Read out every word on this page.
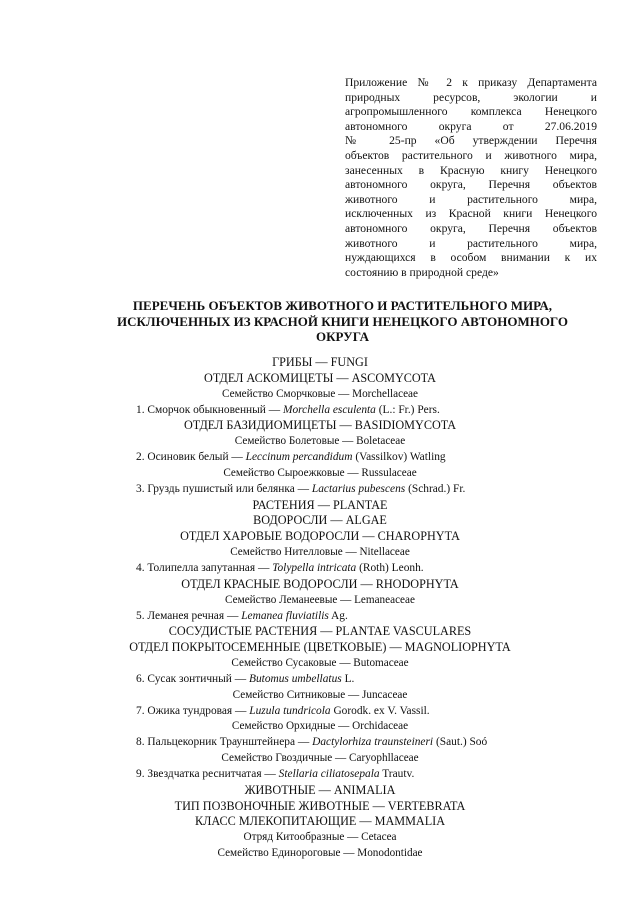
Приложение № 2 к приказу Департамента
природных ресурсов, экологии и
агропромышленного комплекса Ненецкого
автономного округа от 27.06.2019
№ 25-пр «Об утверждении Перечня
объектов растительного и животного мира,
занесенных в Красную книгу Ненецкого
автономного округа, Перечня объектов
животного и растительного мира,
исключенных из Красной книги Ненецкого
автономного округа, Перечня объектов
животного и растительного мира,
нуждающихся в особом внимании к их
состоянию в природной среде»
ПЕРЕЧЕНЬ ОБЪЕКТОВ ЖИВОТНОГО И РАСТИТЕЛЬНОГО МИРА,
ИСКЛЮЧЕННЫХ ИЗ КРАСНОЙ КНИГИ НЕНЕЦКОГО АВТОНОМНОГО
ОКРУГА
ГРИБЫ — FUNGI
ОТДЕЛ АСКОМИЦЕТЫ — ASCOMYCOTA
Семейство Сморчковые — Morchellaceae
1. Сморчок обыкновенный — Morchella esculenta (L.: Fr.) Pers.
ОТДЕЛ БАЗИДИОМИЦЕТЫ — BASIDIOMYCOTA
Семейство Болетовые — Boletaceae
2. Осиновик белый — Leccinum percandidum (Vassilkov) Watling
Семейство Сыроежковые — Russulaceae
3. Груздь пушистый или белянка — Lactarius pubescens (Schrad.) Fr.
РАСТЕНИЯ — PLANTAE
ВОДОРОСЛИ — ALGAE
ОТДЕЛ ХАРОВЫЕ ВОДОРОСЛИ — CHAROPHYTA
Семейство Нителловые — Nitellaceae
4. Толипелла запутанная — Tolypella intricata (Roth) Leonh.
ОТДЕЛ КРАСНЫЕ ВОДОРОСЛИ — RHODOPHYTA
Семейство Лемaнеевые — Lemaneaceae
5. Леманея речная — Lemanea fluviatilis Ag.
СОСУДИСТЫЕ РАСТЕНИЯ — PLANTAE VASCULARES
ОТДЕЛ ПОКРЫТОСЕМЕННЫЕ (ЦВЕТКОВЫЕ) — MAGNOLIOPHYTA
Семейство Сусаковые — Butomaceae
6. Сусак зонтичный — Butomus umbellatus L.
Семейство Ситниковые — Juncaceae
7. Ожика тундровая — Luzula tundricola Gorodk. ex V. Vassil.
Семейство Орхидные — Orchidaceae
8. Пальцекорник Траунштейнера — Dactylorhiza traunsteineri (Saut.) Soó
Семейство Гвоздичные — Caryophllaceae
9. Звездчатка реснитчатая — Stellaria ciliatosepala Trautv.
ЖИВОТНЫЕ — ANIMALIA
ТИП ПОЗВОНОЧНЫЕ ЖИВОТНЫЕ — VERTEBRATA
КЛАСС МЛЕКОПИТАЮЩИЕ — MAMMALIA
Отряд Китообразные — Cetacea
Семейство Единороговые — Monodontidae
